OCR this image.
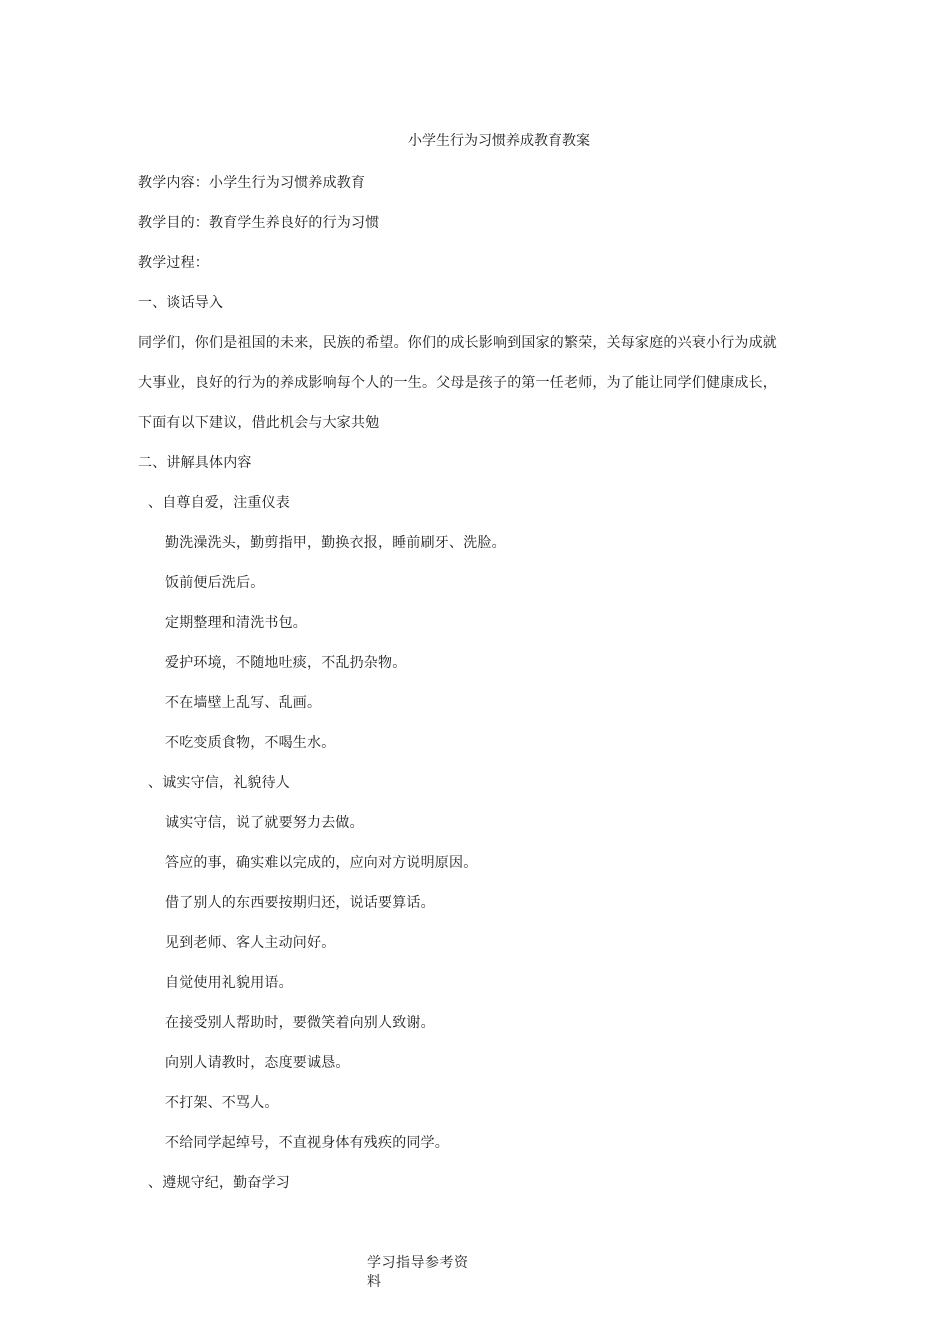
小学生行为习惯养成教育教案
教学内容：小学生行为习惯养成教育
教学目的：教育学生养良好的行为习惯
教学过程：
一、谈话导入
同学们，你们是祖国的未来，民族的希望。你们的成长影响到国家的繁荣，关每家庭的兴衰小行为成就
大事业，良好的行为的养成影响每个人的一生。父母是孩子的第一任老师，为了能让同学们健康成长，
下面有以下建议，借此机会与大家共勉
二、讲解具体内容
、自尊自爱，注重仪表
勤洗澡洗头，勤剪指甲，勤换衣报，睡前刷牙、洗脸。
饭前便后洗后。
定期整理和清洗书包。
爱护环境，不随地吐痰，不乱扔杂物。
不在墙壁上乱写、乱画。
不吃变质食物，不喝生水。
、诚实守信，礼貌待人
诚实守信，说了就要努力去做。
答应的事，确实难以完成的，应向对方说明原因。
借了别人的东西要按期归还，说话要算话。
见到老师、客人主动问好。
自觉使用礼貌用语。
在接受别人帮助时，要微笑着向别人致谢。
向别人请教时，态度要诚恳。
不打架、不骂人。
不给同学起绰号，不直视身体有残疾的同学。
、遵规守纪，勤奋学习
学习指导参考资料
